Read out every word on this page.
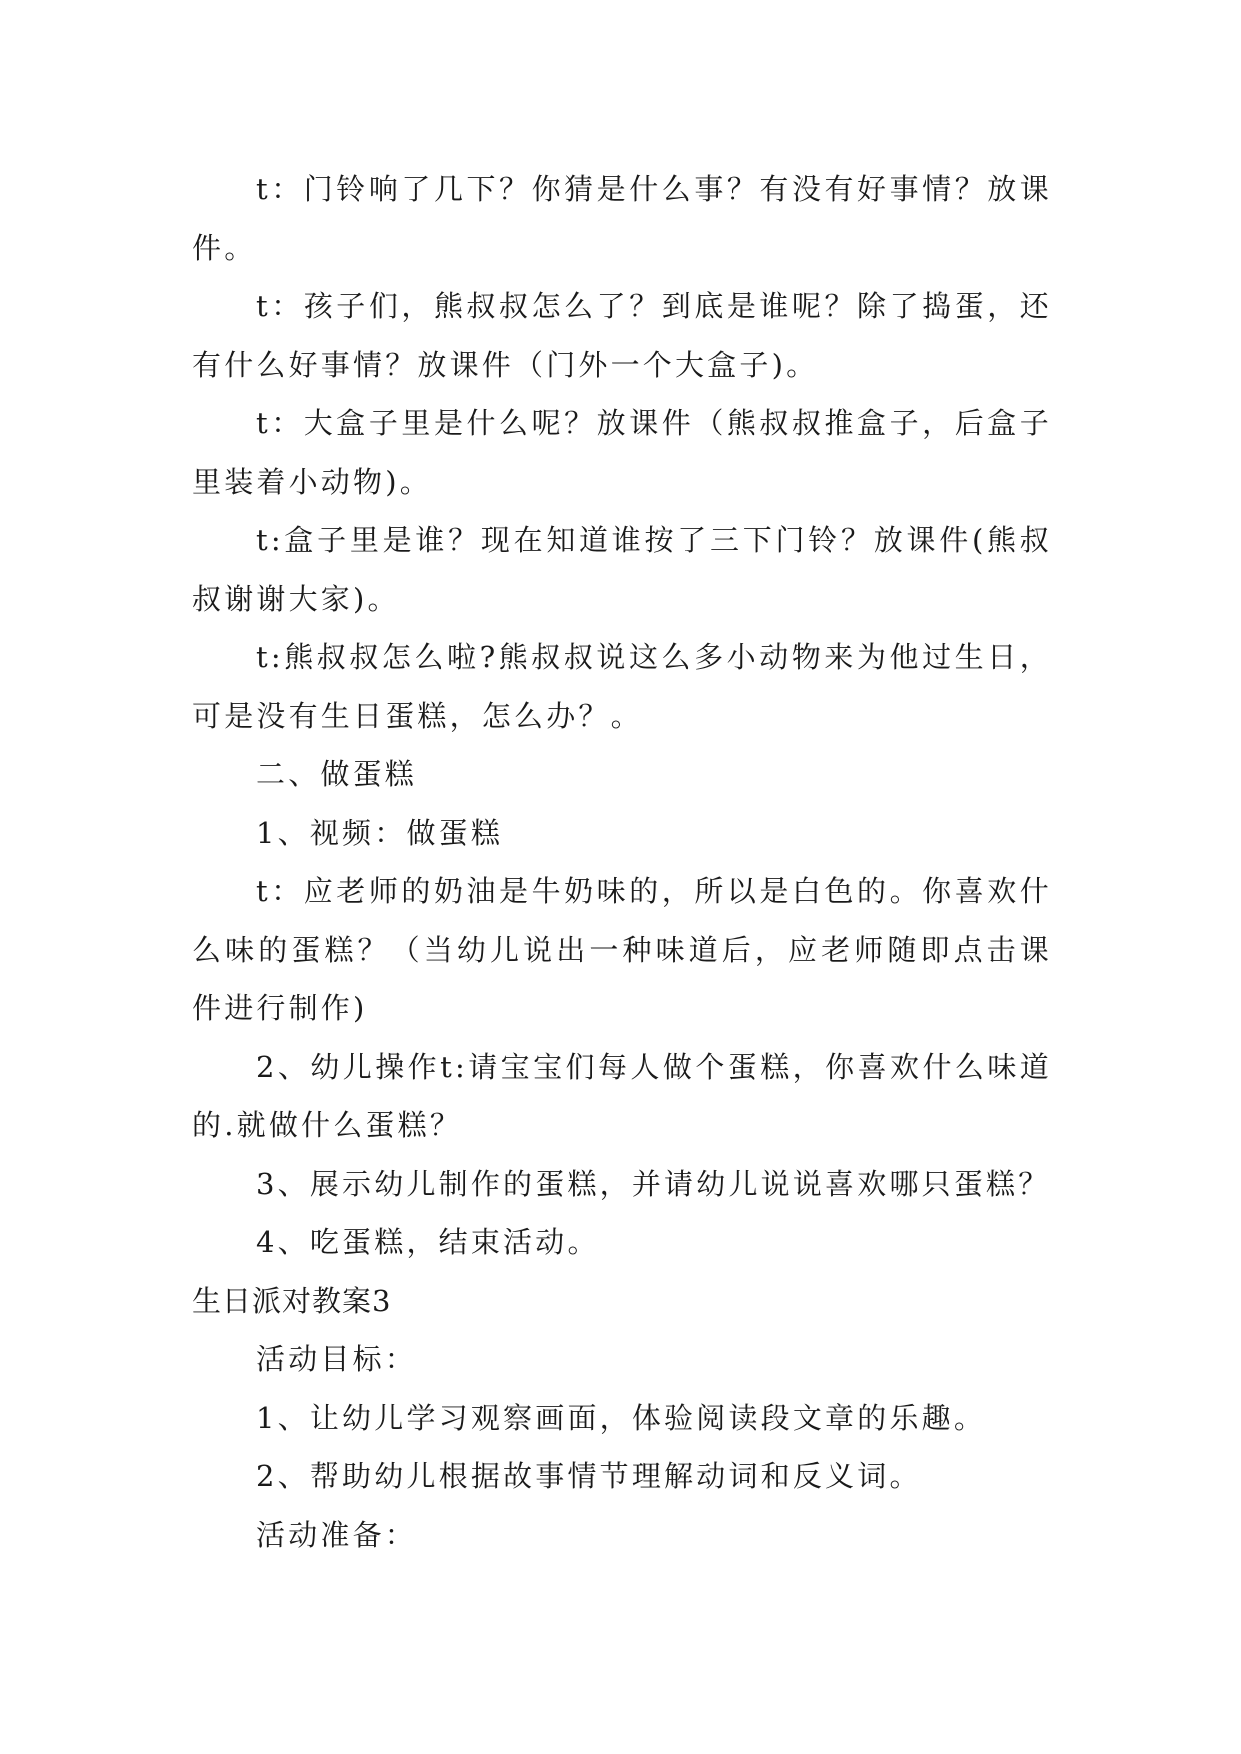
t：门铃响了几下？你猜是什么事？有没有好事情？放课件。

t：孩子们，熊叔叔怎么了？到底是谁呢？除了捣蛋，还有什么好事情？放课件（门外一个大盒子)。

t：大盒子里是什么呢？放课件（熊叔叔推盒子，后盒子里装着小动物)。

t:盒子里是谁？现在知道谁按了三下门铃？放课件(熊叔叔谢谢大家)。

t:熊叔叔怎么啦?熊叔叔说这么多小动物来为他过生日，可是没有生日蛋糕，怎么办？。

二、做蛋糕

1、视频：做蛋糕

t：应老师的奶油是牛奶味的，所以是白色的。你喜欢什么味的蛋糕？（当幼儿说出一种味道后，应老师随即点击课件进行制作)

2、幼儿操作t:请宝宝们每人做个蛋糕，你喜欢什么味道的.就做什么蛋糕？

3、展示幼儿制作的蛋糕，并请幼儿说说喜欢哪只蛋糕？

4、吃蛋糕，结束活动。

生日派对教案3

活动目标：

1、让幼儿学习观察画面，体验阅读段文章的乐趣。

2、帮助幼儿根据故事情节理解动词和反义词。

活动准备：
